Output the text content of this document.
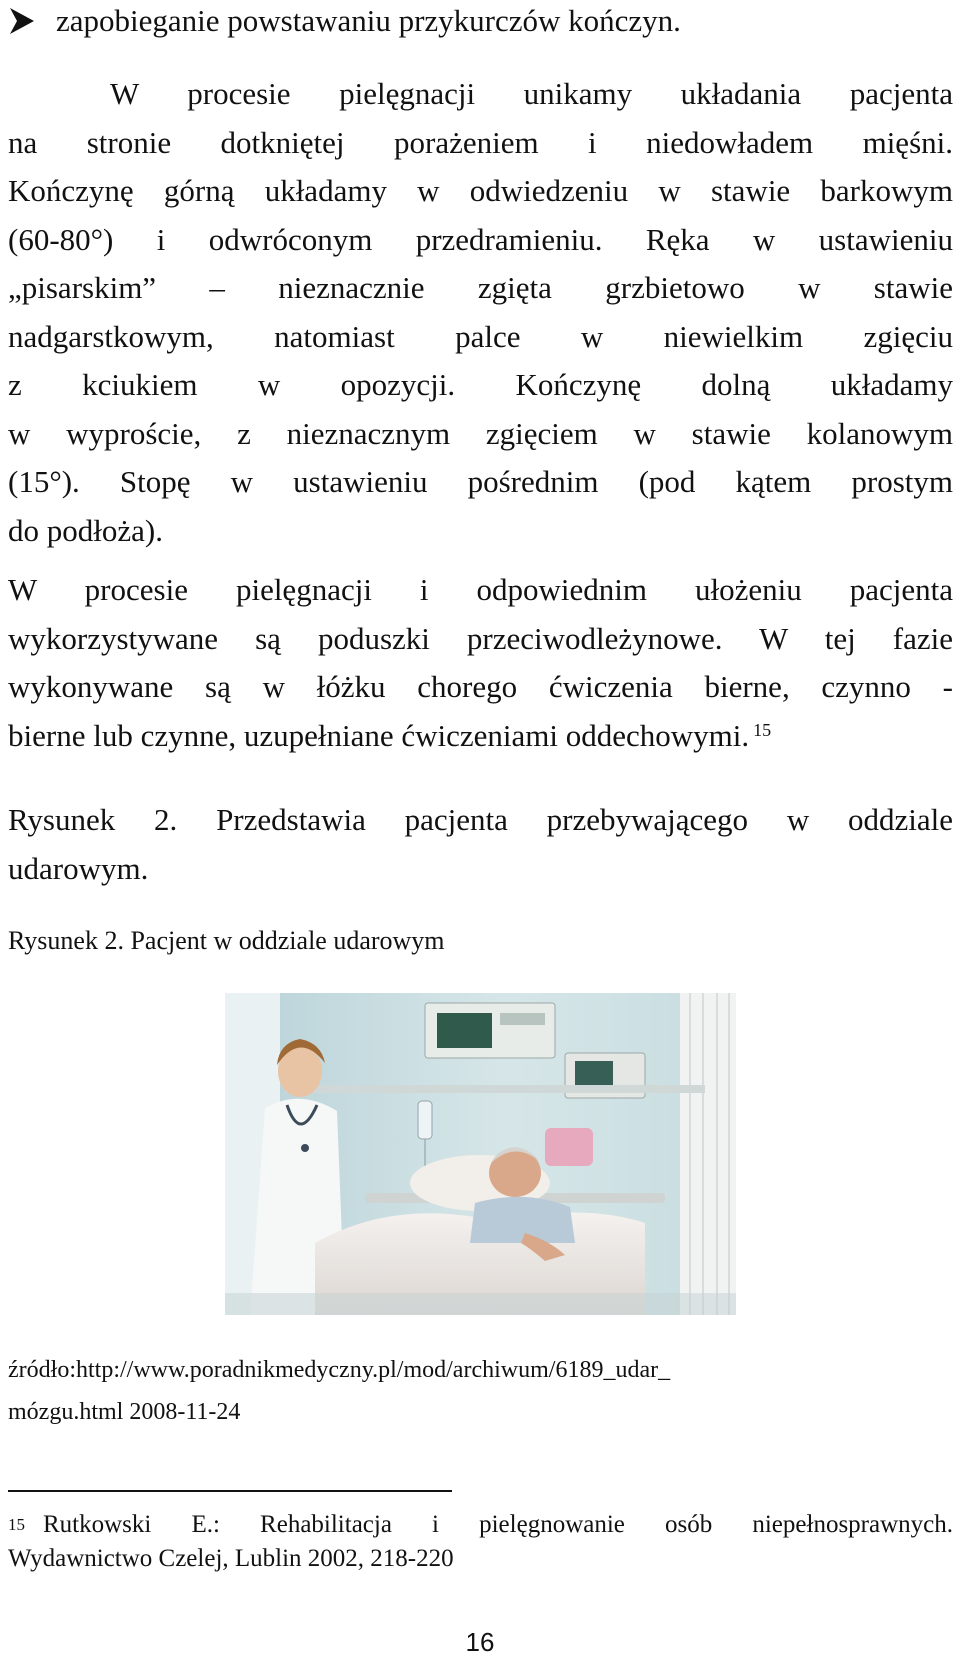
zapobieganie powstawaniu przykurczów kończyn.
W procesie pielęgnacji unikamy układania pacjenta
na stronie dotkniętej porażeniem i niedowładem mięśni.
Kończynę górną układamy w odwiedzeniu w stawie barkowym
(60-80°) i odwróconym przedramieniu. Ręka w ustawieniu
„pisarskim” – nieznacznie zgięta grzbietowo w stawie
nadgarstkowym, natomiast palce w niewielkim zgięciu
z kciukiem w opozycji. Kończynę dolną układamy
w wyproście, z nieznacznym zgięciem w stawie kolanowym
(15°). Stopę w ustawieniu pośrednim (pod kątem prostym
do podłoża).
W procesie pielęgnacji i odpowiednim ułożeniu pacjenta
wykorzystywane są poduszki przeciwodleżynowe. W tej fazie
wykonywane są w łóżku chorego ćwiczenia bierne, czynno -
bierne lub czynne, uzupełniane ćwiczeniami oddechowymi. $^{15}$
Rysunek 2. Przedstawia pacjenta przebywającego w oddziale
udarowym.
Rysunek 2. Pacjent w oddziale udarowym
źródło:http://www.poradnikmedyczny.pl/mod/archiwum/6189_udar_
mózgu.html 2008-11-24
$^{15}$ Rutkowski E.: Rehabilitacja i pielęgnowanie osób niepełnosprawnych.
Wydawnictwo Czelej, Lublin 2002, 218-220
16
